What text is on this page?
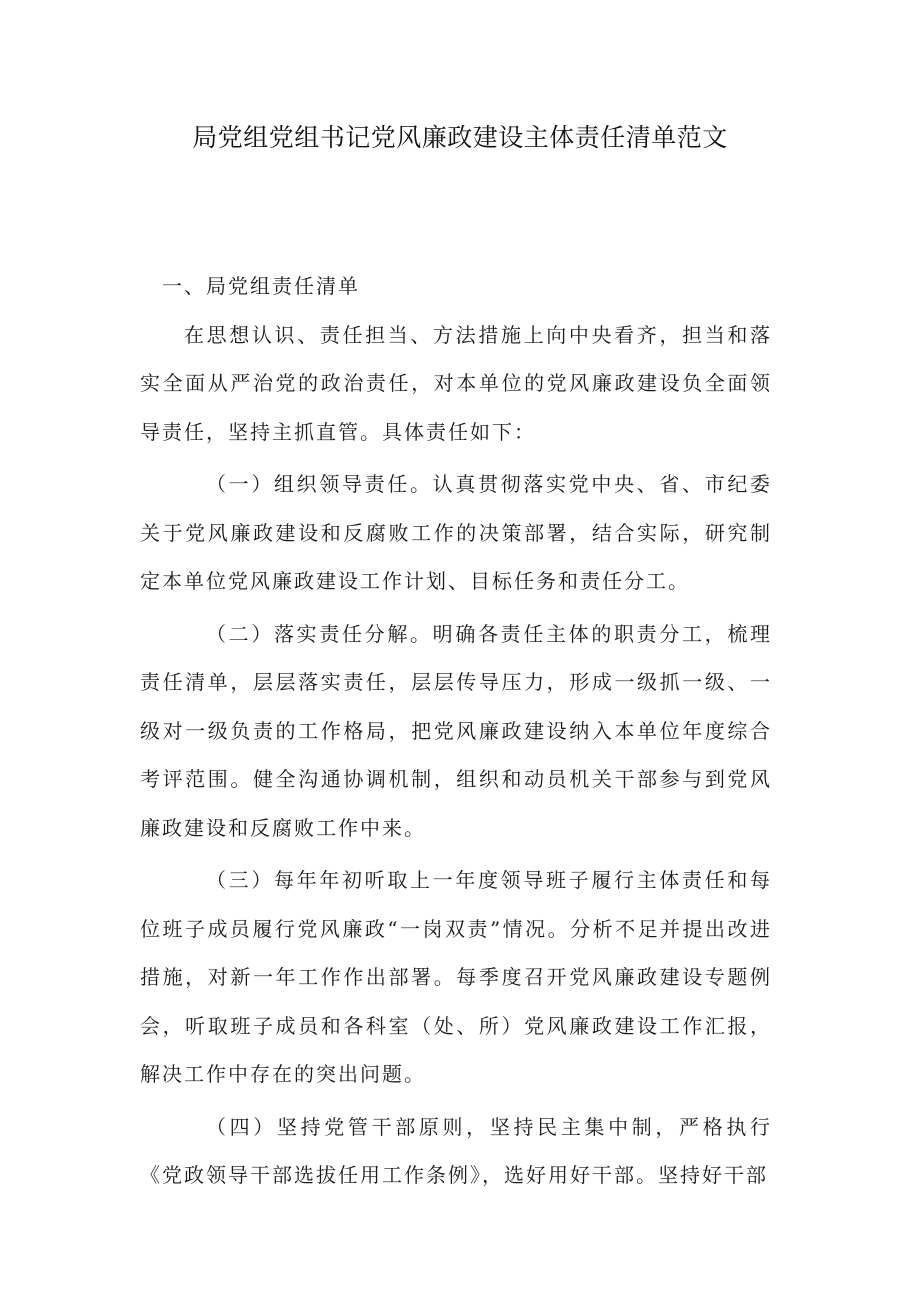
局党组党组书记党风廉政建设主体责任清单范文
一、局党组责任清单

在思想认识、责任担当、方法措施上向中央看齐，担当和落实全面从严治党的政治责任，对本单位的党风廉政建设负全面领导责任，坚持主抓直管。具体责任如下：

（一）组织领导责任。认真贯彻落实党中央、省、市纪委关于党风廉政建设和反腐败工作的决策部署，结合实际，研究制定本单位党风廉政建设工作计划、目标任务和责任分工。

（二）落实责任分解。明确各责任主体的职责分工，梳理责任清单，层层落实责任，层层传导压力，形成一级抓一级、一级对一级负责的工作格局，把党风廉政建设纳入本单位年度综合考评范围。健全沟通协调机制，组织和动员机关干部参与到党风廉政建设和反腐败工作中来。

（三）每年年初听取上一年度领导班子履行主体责任和每位班子成员履行党风廉政“一岗双责”情况。分析不足并提出改进措施，对新一年工作作出部署。每季度召开党风廉政建设专题例会，听取班子成员和各科室（处、所）党风廉政建设工作汇报，解决工作中存在的突出问题。

（四）坚持党管干部原则，坚持民主集中制，严格执行《党政领导干部选拔任用工作条例》，选好用好干部。坚持好干部
